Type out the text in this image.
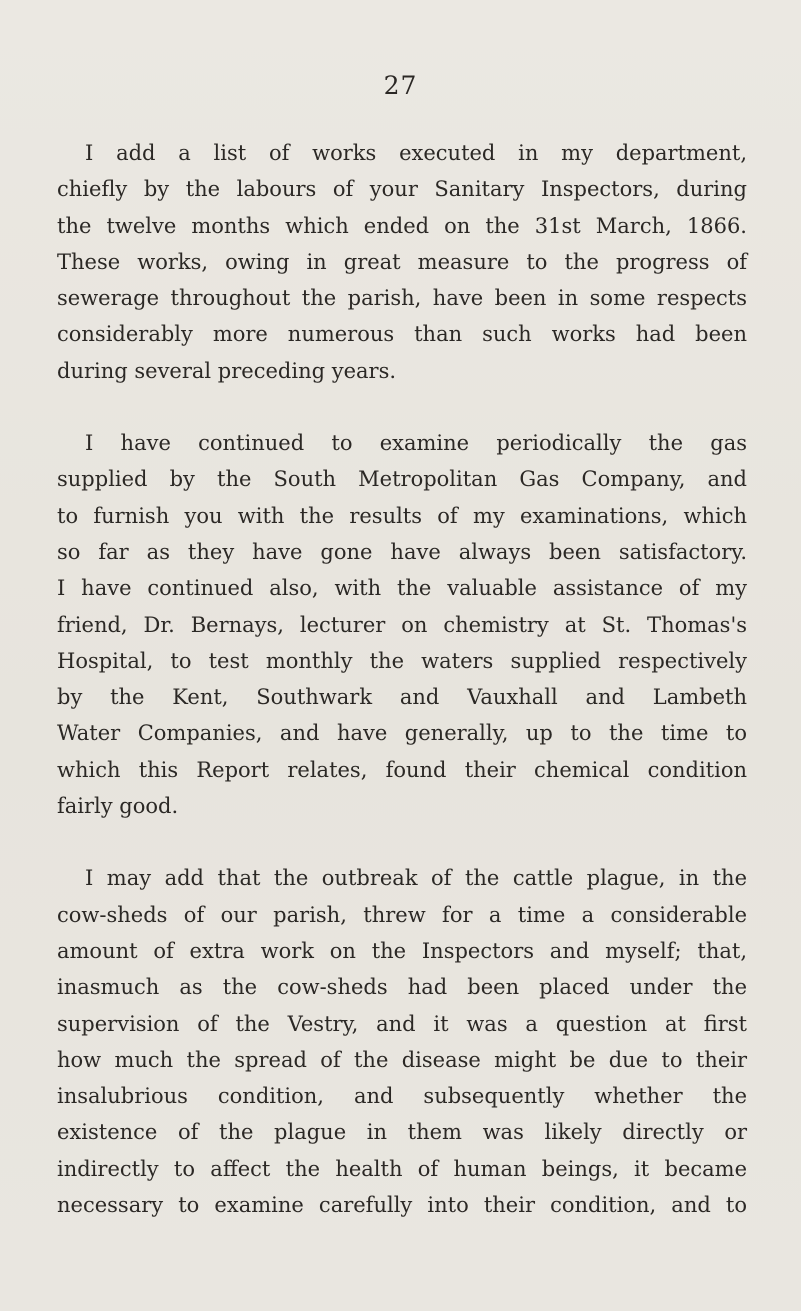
27

I add a list of works executed in my department,
chiefly by the labours of your Sanitary Inspectors, during
the twelve months which ended on the 31st March, 1866.
These works, owing in great measure to the progress of
sewerage throughout the parish, have been in some respects
considerably more numerous than such works had been
during several preceding years.

I have continued to examine periodically the gas
supplied by the South Metropolitan Gas Company, and
to furnish you with the results of my examinations, which
so far as they have gone have always been satisfactory.
I have continued also, with the valuable assistance of my
friend, Dr. Bernays, lecturer on chemistry at St. Thomas's
Hospital, to test monthly the waters supplied respectively
by the Kent, Southwark and Vauxhall and Lambeth
Water Companies, and have generally, up to the time to
which this Report relates, found their chemical condition
fairly good.

I may add that the outbreak of the cattle plague, in the
cow-sheds of our parish, threw for a time a considerable
amount of extra work on the Inspectors and myself; that,
inasmuch as the cow-sheds had been placed under the
supervision of the Vestry, and it was a question at first
how much the spread of the disease might be due to their
insalubrious condition, and subsequently whether the
existence of the plague in them was likely directly or
indirectly to affect the health of human beings, it became
necessary to examine carefully into their condition, and to
